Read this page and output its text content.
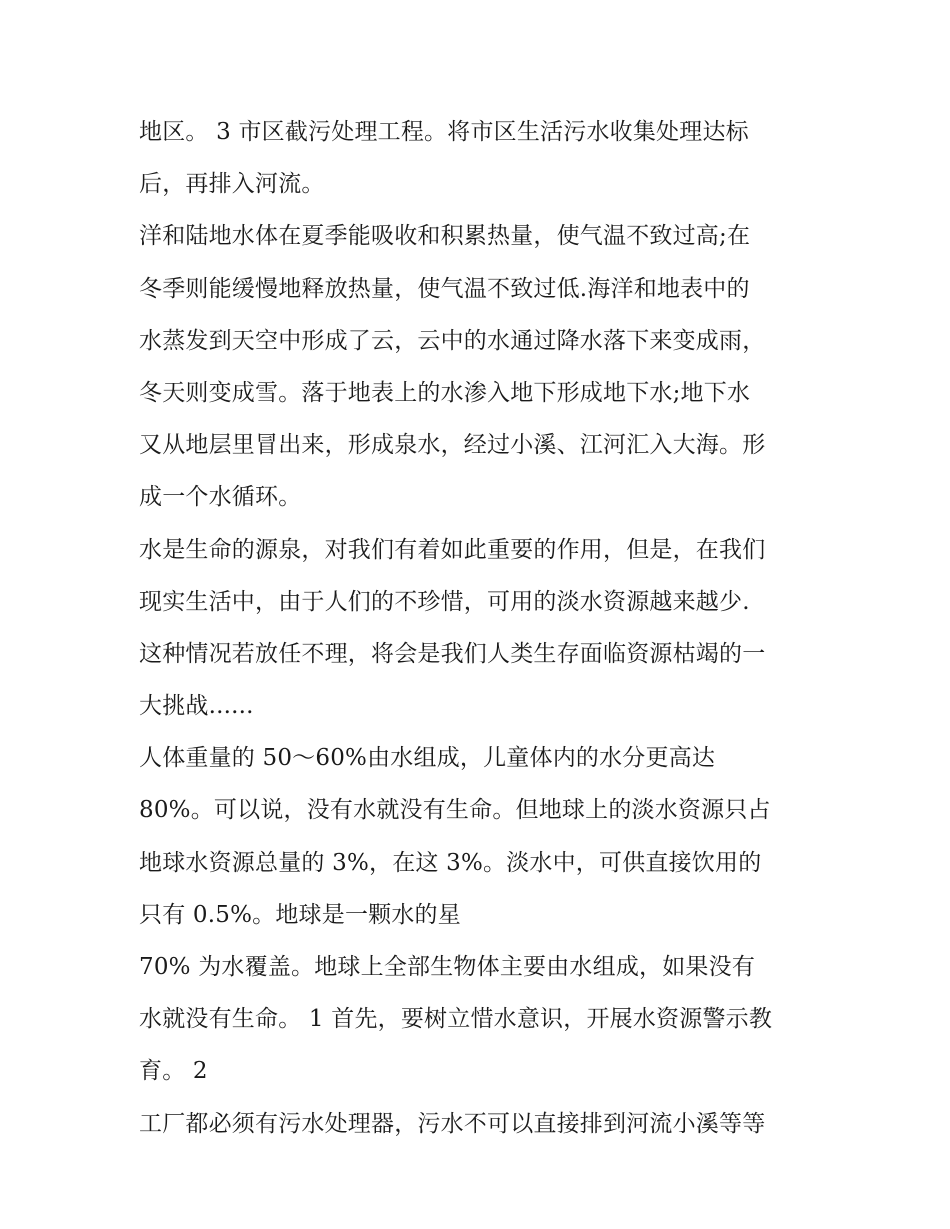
地区。 3 市区截污处理工程。将市区生活污水收集处理达标
后，再排入河流。
洋和陆地水体在夏季能吸收和积累热量，使气温不致过高;在
冬季则能缓慢地释放热量，使气温不致过低.海洋和地表中的
水蒸发到天空中形成了云，云中的水通过降水落下来变成雨，
冬天则变成雪。落于地表上的水渗入地下形成地下水;地下水
又从地层里冒出来，形成泉水，经过小溪、江河汇入大海。形
成一个水循环。
水是生命的源泉，对我们有着如此重要的作用，但是，在我们
现实生活中，由于人们的不珍惜，可用的淡水资源越来越少.
这种情况若放任不理，将会是我们人类生存面临资源枯竭的一
大挑战......
人体重量的 50～60%由水组成，儿童体内的水分更高达
80%。可以说，没有水就没有生命。但地球上的淡水资源只占
地球水资源总量的 3%，在这 3%。淡水中，可供直接饮用的
只有 0.5%。地球是一颗水的星
70% 为水覆盖。地球上全部生物体主要由水组成，如果没有
水就没有生命。 1 首先，要树立惜水意识，开展水资源警示教
育。 2
工厂都必须有污水处理器，污水不可以直接排到河流小溪等等
